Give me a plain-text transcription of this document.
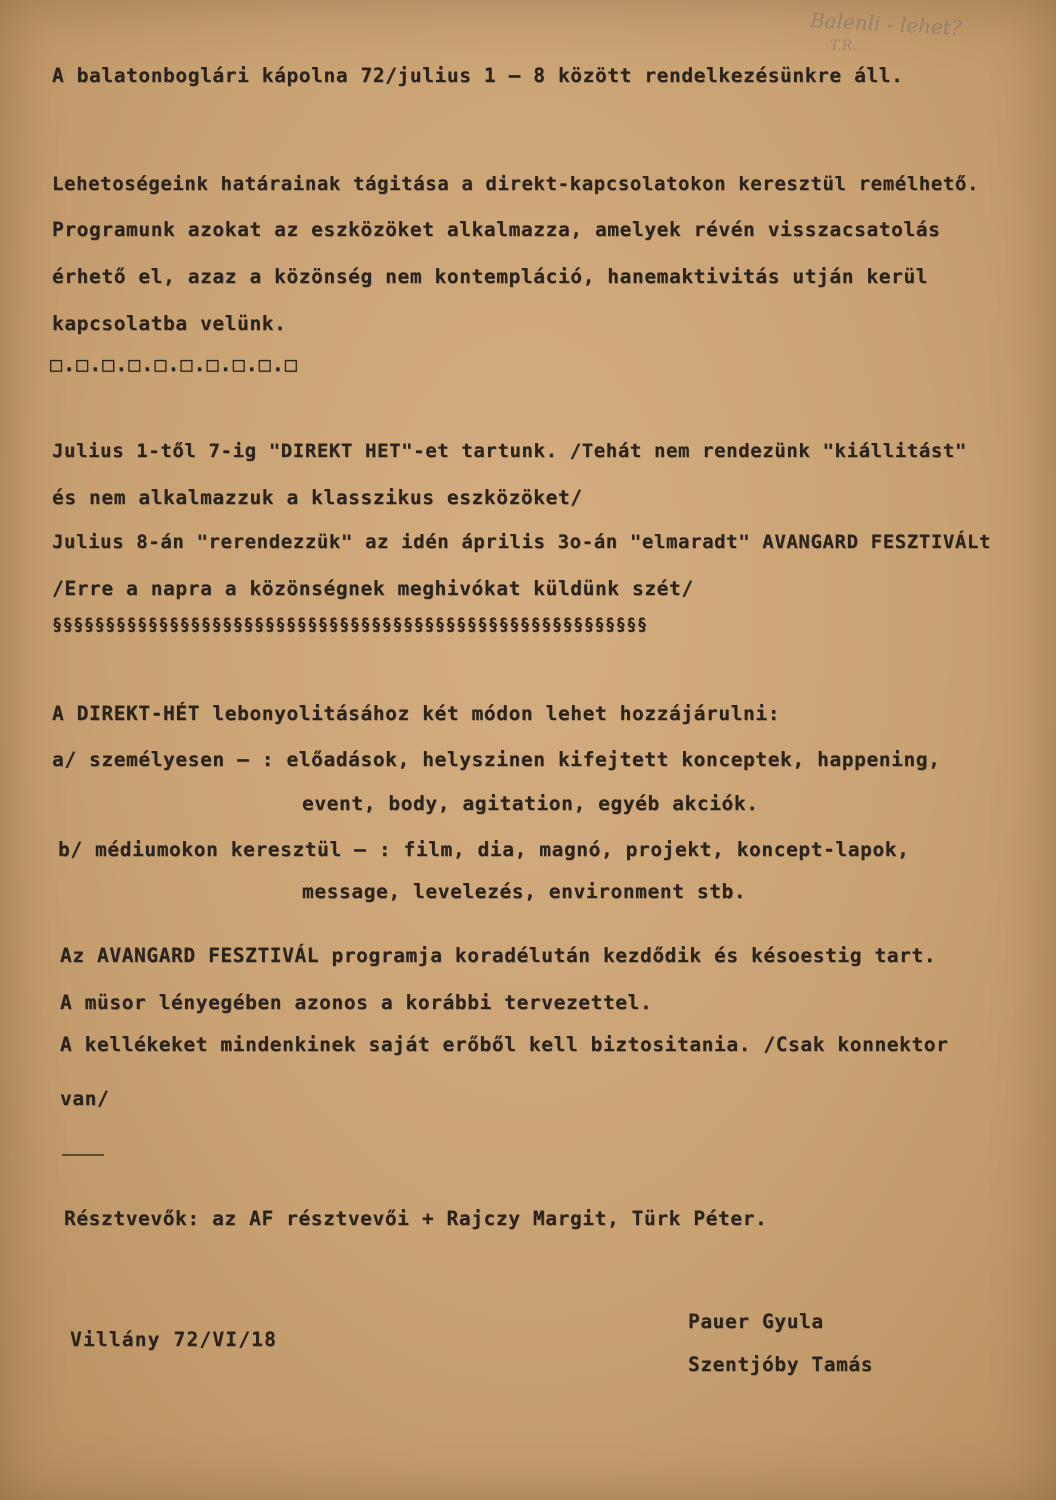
Balenli - lehet?
T.R.
A balatonboglári kápolna 72/julius 1 — 8 között rendelkezésünkre áll.
Lehetoségeink határainak tágitása a direkt-kapcsolatokon keresztül remélhető.
Programunk azokat az eszközöket alkalmazza, amelyek révén visszacsatolás
érhető el, azaz a közönség nem kontempláció, hanemaktivitás utján kerül
kapcsolatba velünk.
□.□.□.□.□.□.□.□.□.□
Julius 1-től 7-ig "DIREKT HET"-et tartunk. /Tehát nem rendezünk "kiállitást"
és nem alkalmazzuk a klasszikus eszközöket/
Julius 8-án "rerendezzük" az idén április 3o-án "elmaradt" AVANGARD FESZTIVÁLt
/Erre a napra a közönségnek meghivókat küldünk szét/
§§§§§§§§§§§§§§§§§§§§§§§§§§§§§§§§§§§§§§§§§§§§§§§§§§§§§§§§
A DIREKT-HÉT lebonyolitásához két módon lehet hozzájárulni:
a/ személyesen — : előadások, helyszinen kifejtett konceptek, happening,
event, body, agitation, egyéb akciók.
b/ médiumokon keresztül — : film, dia, magnó, projekt, koncept-lapok,
message, levelezés, environment stb.
Az AVANGARD FESZTIVÁL programja koradélután kezdődik és késoestig tart.
A müsor lényegében azonos a korábbi tervezettel.
A kellékeket mindenkinek saját erőből kell biztositania. /Csak konnektor
van/
Résztvevők: az AF résztvevői + Rajczy Margit, Türk Péter.
Villány 72/VI/18
Pauer Gyula
Szentjóby Tamás
